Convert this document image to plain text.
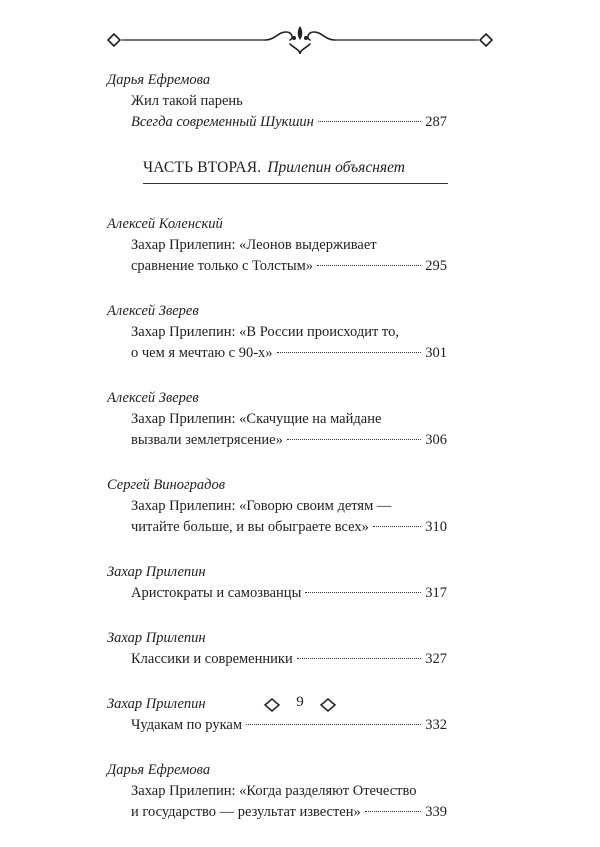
Дарья Ефремова
Жил такой парень
Всегда современный Шукшин	287
ЧАСТЬ ВТОРАЯ. Прилепин объясняет
Алексей Коленский
Захар Прилепин: «Леонов выдерживает
сравнение только с Толстым»	295
Алексей Зверев
Захар Прилепин: «В России происходит то,
о чем я мечтаю с 90-х»	301
Алексей Зверев
Захар Прилепин: «Скачущие на майдане
вызвали землетрясение»	306
Сергей Виноградов
Захар Прилепин: «Говорю своим детям —
читайте больше, и вы обыграете всех»	310
Захар Прилепин
Аристократы и самозванцы	317
Захар Прилепин
Классики и современники	327
Захар Прилепин
Чудакам по рукам	332
Дарья Ефремова
Захар Прилепин: «Когда разделяют Отечество
и государство — результат известен»	339
9
